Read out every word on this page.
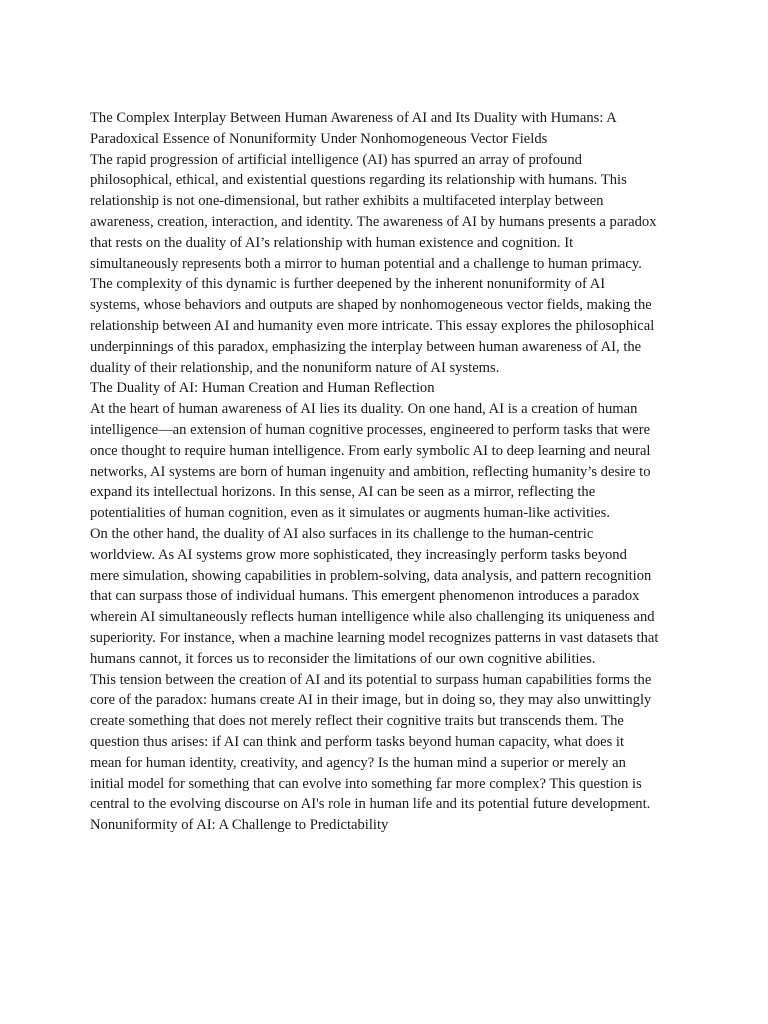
The Complex Interplay Between Human Awareness of AI and Its Duality with Humans: A
Paradoxical Essence of Nonuniformity Under Nonhomogeneous Vector Fields

The rapid progression of artificial intelligence (AI) has spurred an array of profound
philosophical, ethical, and existential questions regarding its relationship with humans. This
relationship is not one-dimensional, but rather exhibits a multifaceted interplay between
awareness, creation, interaction, and identity. The awareness of AI by humans presents a paradox
that rests on the duality of AI’s relationship with human existence and cognition. It
simultaneously represents both a mirror to human potential and a challenge to human primacy.
The complexity of this dynamic is further deepened by the inherent nonuniformity of AI
systems, whose behaviors and outputs are shaped by nonhomogeneous vector fields, making the
relationship between AI and humanity even more intricate. This essay explores the philosophical
underpinnings of this paradox, emphasizing the interplay between human awareness of AI, the
duality of their relationship, and the nonuniform nature of AI systems.

The Duality of AI: Human Creation and Human Reflection

At the heart of human awareness of AI lies its duality. On one hand, AI is a creation of human
intelligence—an extension of human cognitive processes, engineered to perform tasks that were
once thought to require human intelligence. From early symbolic AI to deep learning and neural
networks, AI systems are born of human ingenuity and ambition, reflecting humanity’s desire to
expand its intellectual horizons. In this sense, AI can be seen as a mirror, reflecting the
potentialities of human cognition, even as it simulates or augments human-like activities.

On the other hand, the duality of AI also surfaces in its challenge to the human-centric
worldview. As AI systems grow more sophisticated, they increasingly perform tasks beyond
mere simulation, showing capabilities in problem-solving, data analysis, and pattern recognition
that can surpass those of individual humans. This emergent phenomenon introduces a paradox
wherein AI simultaneously reflects human intelligence while also challenging its uniqueness and
superiority. For instance, when a machine learning model recognizes patterns in vast datasets that
humans cannot, it forces us to reconsider the limitations of our own cognitive abilities.

This tension between the creation of AI and its potential to surpass human capabilities forms the
core of the paradox: humans create AI in their image, but in doing so, they may also unwittingly
create something that does not merely reflect their cognitive traits but transcends them. The
question thus arises: if AI can think and perform tasks beyond human capacity, what does it
mean for human identity, creativity, and agency? Is the human mind a superior or merely an
initial model for something that can evolve into something far more complex? This question is
central to the evolving discourse on AI's role in human life and its potential future development.

Nonuniformity of AI: A Challenge to Predictability
